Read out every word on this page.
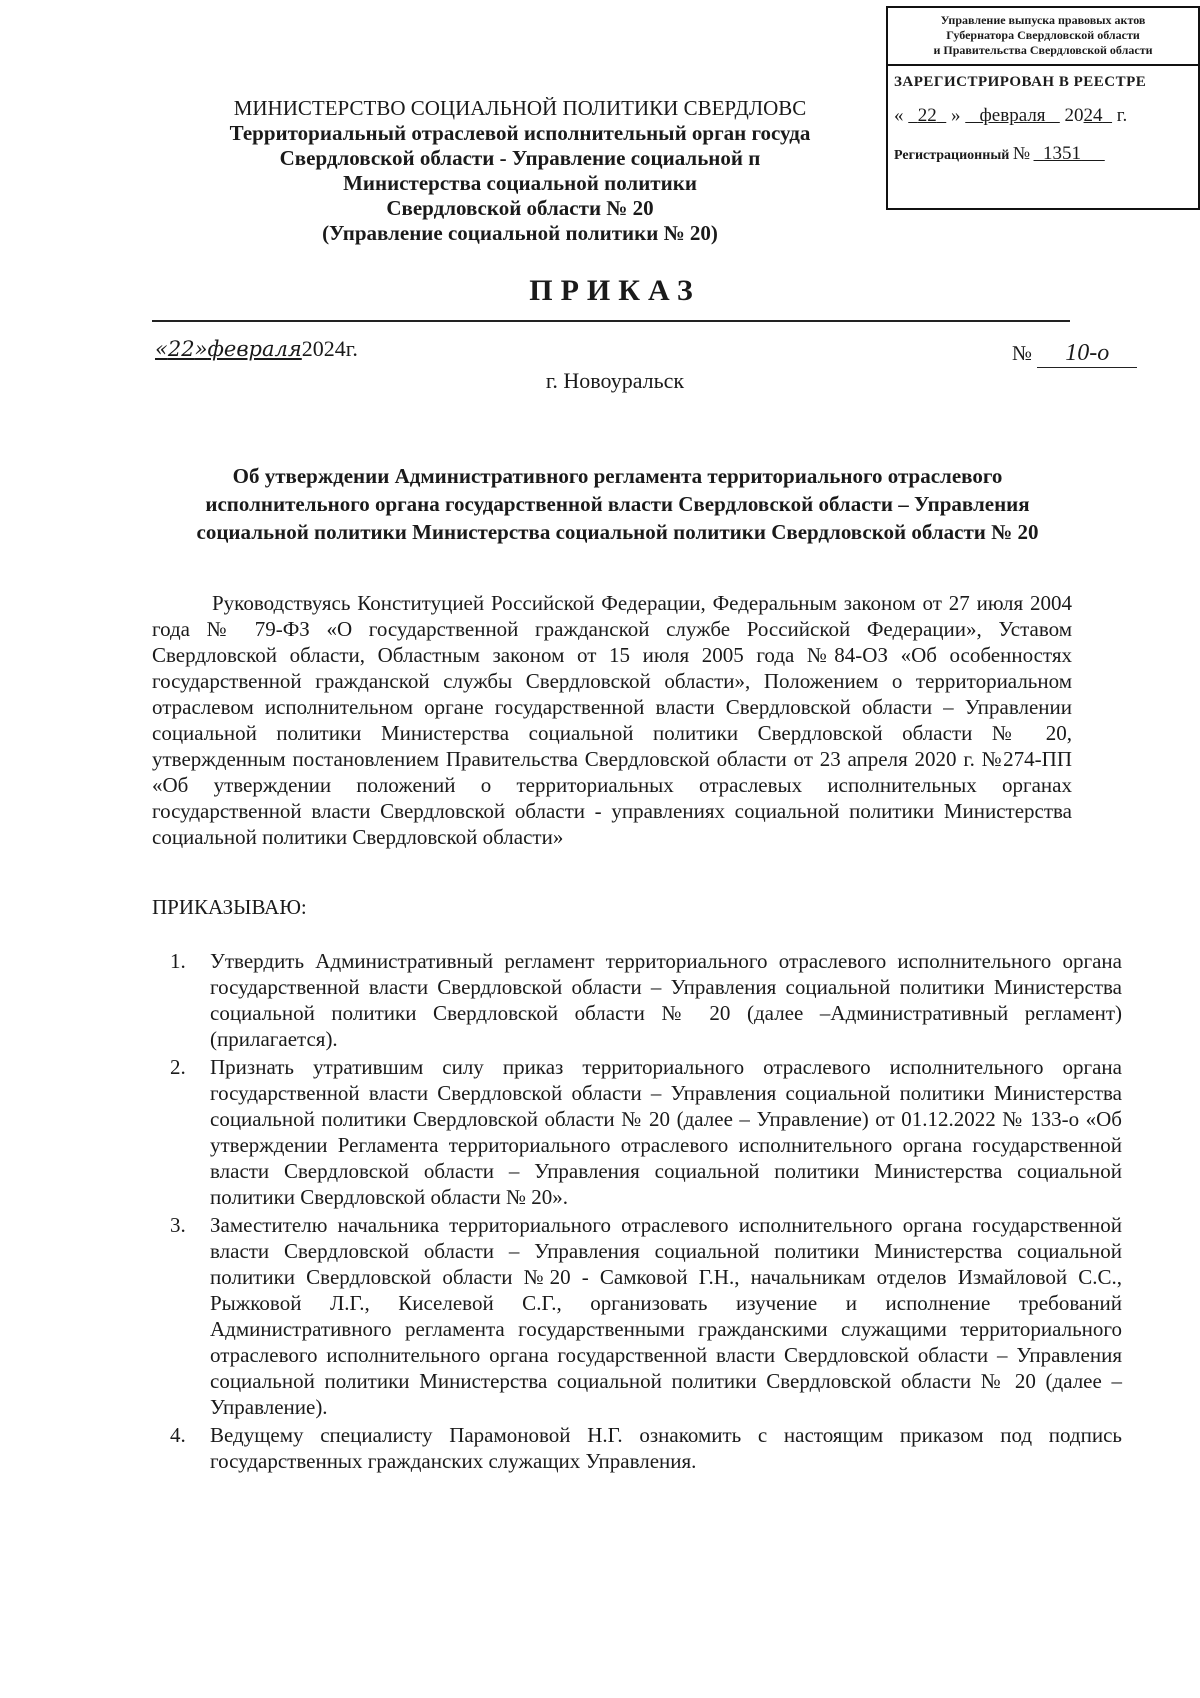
МИНИСТЕРСТВО СОЦИАЛЬНОЙ ПОЛИТИКИ СВЕРДЛОВС
Территориальный отраслевой исполнительный орган госуда
Свердловской области - Управление социальной п
Министерства социальной политики
Свердловской области № 20
(Управление социальной политики № 20)
Управление выпуска правовых актов
Губернатора Свердловской области
и Правительства Свердловской области
ЗАРЕГИСТРИРОВАН В РЕЕСТРЕ
« 22 » февраля 2024 г.
Регистрационный № 1351
ПРИКАЗ
«22»февраля2024г.	№ 10-о
г. Новоуральск
Об утверждении Административного регламента территориального отраслевого исполнительного органа государственной власти Свердловской области – Управления социальной политики Министерства социальной политики Свердловской области № 20
Руководствуясь Конституцией Российской Федерации, Федеральным законом от 27 июля 2004 года № 79-ФЗ «О государственной гражданской службе Российской Федерации», Уставом Свердловской области, Областным законом от 15 июля 2005 года №84-ОЗ «Об особенностях государственной гражданской службы Свердловской области», Положением о территориальном отраслевом исполнительном органе государственной власти Свердловской области – Управлении социальной политики Министерства социальной политики Свердловской области № 20, утвержденным постановлением Правительства Свердловской области от 23 апреля 2020 г. №274-ПП «Об утверждении положений о территориальных отраслевых исполнительных органах государственной власти Свердловской области - управлениях социальной политики Министерства социальной политики Свердловской области»
ПРИКАЗЫВАЮ:
1. Утвердить Административный регламент территориального отраслевого исполнительного органа государственной власти Свердловской области – Управления социальной политики Министерства социальной политики Свердловской области № 20 (далее –Административный регламент) (прилагается).
2. Признать утратившим силу приказ территориального отраслевого исполнительного органа государственной власти Свердловской области – Управления социальной политики Министерства социальной политики Свердловской области № 20 (далее – Управление) от 01.12.2022 № 133-о «Об утверждении Регламента территориального отраслевого исполнительного органа государственной власти Свердловской области – Управления социальной политики Министерства социальной политики Свердловской области № 20».
3. Заместителю начальника территориального отраслевого исполнительного органа государственной власти Свердловской области – Управления социальной политики Министерства социальной политики Свердловской области №20 - Самковой Г.Н., начальникам отделов Измайловой С.С., Рыжковой Л.Г., Киселевой С.Г., организовать изучение и исполнение требований Административного регламента государственными гражданскими служащими территориального отраслевого исполнительного органа государственной власти Свердловской области – Управления социальной политики Министерства социальной политики Свердловской области № 20 (далее – Управление).
4. Ведущему специалисту Парамоновой Н.Г. ознакомить с настоящим приказом под подпись государственных гражданских служащих Управления.
